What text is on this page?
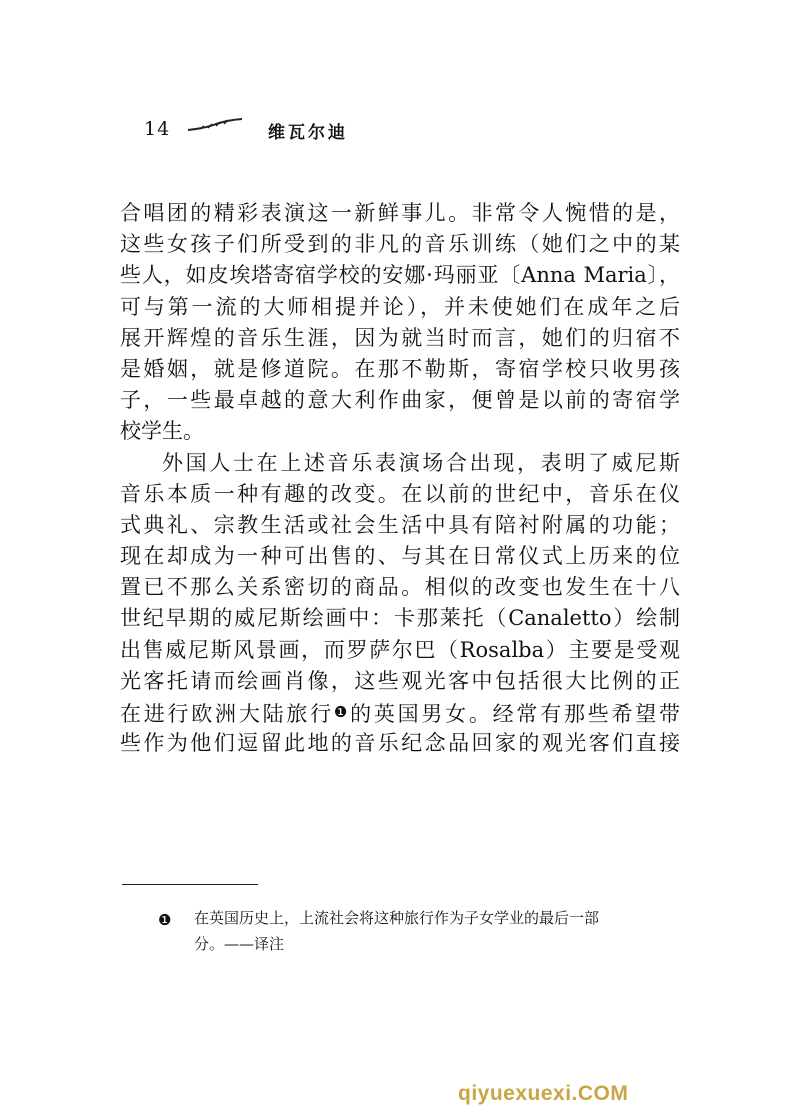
14	维瓦尔迪
合唱团的精彩表演这一新鲜事儿。非常令人惋惜的是，
这些女孩子们所受到的非凡的音乐训练（她们之中的某
些人，如皮埃塔寄宿学校的安娜·玛丽亚〔Anna Maria〕，
可与第一流的大师相提并论），并未使她们在成年之后
展开辉煌的音乐生涯，因为就当时而言，她们的归宿不
是婚姻，就是修道院。在那不勒斯，寄宿学校只收男孩
子，一些最卓越的意大利作曲家，便曾是以前的寄宿学
校学生。
外国人士在上述音乐表演场合出现，表明了威尼斯
音乐本质一种有趣的改变。在以前的世纪中，音乐在仪
式典礼、宗教生活或社会生活中具有陪衬附属的功能；
现在却成为一种可出售的、与其在日常仪式上历来的位
置已不那么关系密切的商品。相似的改变也发生在十八
世纪早期的威尼斯绘画中：卡那莱托（Canaletto）绘制
出售威尼斯风景画，而罗萨尔巴（Rosalba）主要是受观
光客托请而绘画肖像，这些观光客中包括很大比例的正
在进行欧洲大陆旅行❶的英国男女。经常有那些希望带
些作为他们逗留此地的音乐纪念品回家的观光客们直接
❶	在英国历史上，上流社会将这种旅行作为子女学业的最后一部
分。——译注
qiyuexuexi.COM
